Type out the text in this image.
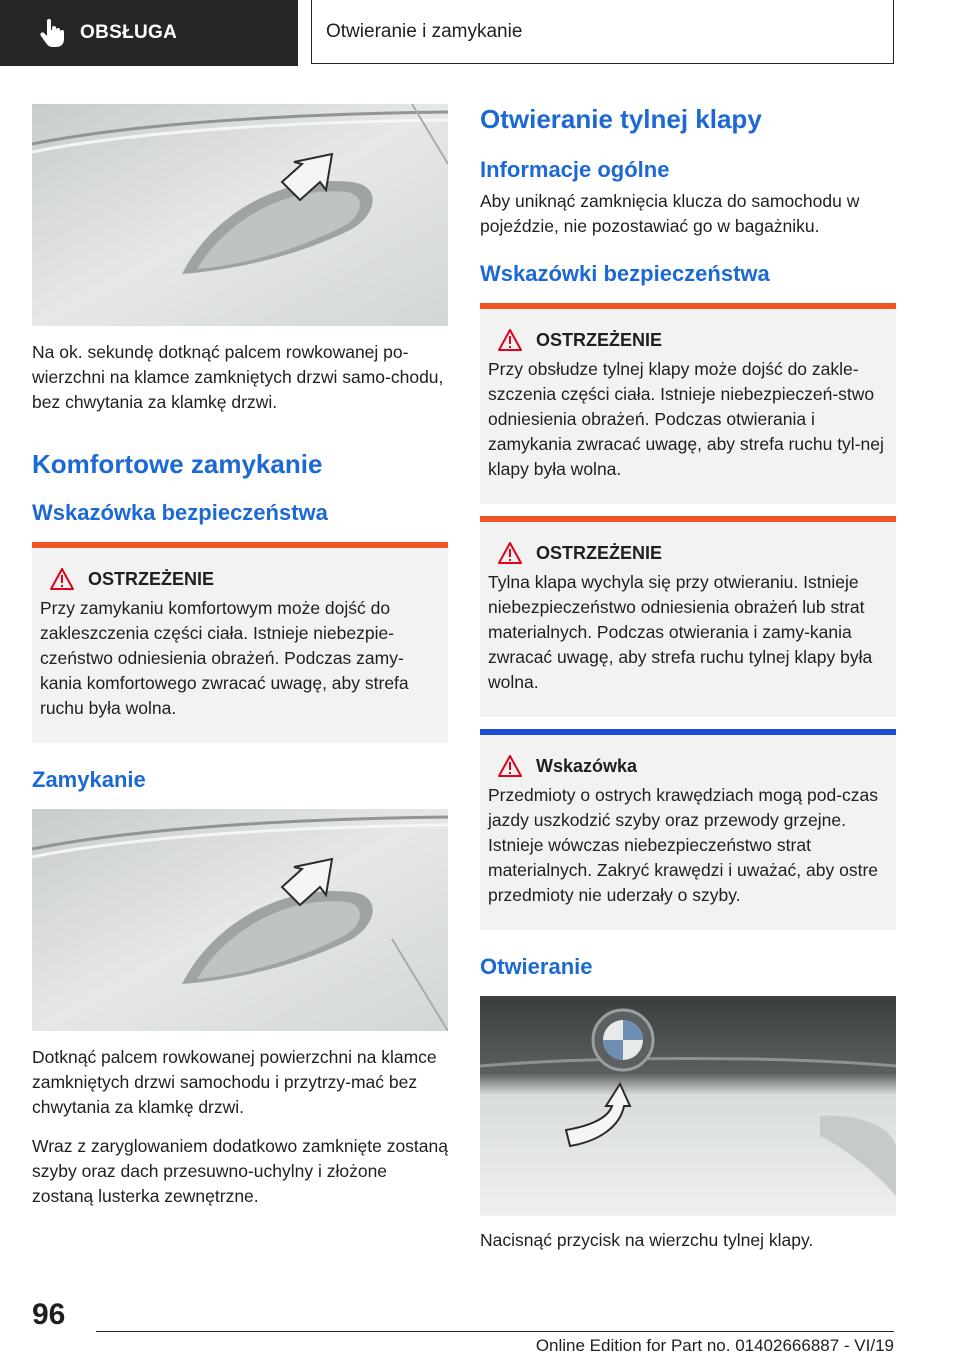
OBSŁUGA	Otwieranie i zamykanie

Na ok. sekundę dotknąć palcem rowkowanej po-wierzchni na klamce zamkniętych drzwi samo-chodu, bez chwytania za klamkę drzwi.

Komfortowe zamykanie
Wskazówka bezpieczeństwa
OSTRZEŻENIE

Przy zamykaniu komfortowym może dojść do zakleszczenia części ciała. Istnieje niebezpie-czeństwo odniesienia obrażeń. Podczas zamy-kania komfortowego zwracać uwagę, aby strefa ruchu była wolna.

Zamykanie

Dotknąć palcem rowkowanej powierzchni na klamce zamkniętych drzwi samochodu i przytrzy-mać bez chwytania za klamkę drzwi.

Wraz z zaryglowaniem dodatkowo zamknięte zostaną szyby oraz dach przesuwno-uchylny i złożone zostaną lusterka zewnętrzne.

Otwieranie tylnej klapy
Informacje ogólne

Aby uniknąć zamknięcia klucza do samochodu w pojeździe, nie pozostawiać go w bagażniku.

Wskazówki bezpieczeństwa
OSTRZEŻENIE

Przy obsłudze tylnej klapy może dojść do zakle-szczenia części ciała. Istnieje niebezpieczeń-stwo odniesienia obrażeń. Podczas otwierania i zamykania zwracać uwagę, aby strefa ruchu tyl-nej klapy była wolna.

OSTRZEŻENIE

Tylna klapa wychyla się przy otwieraniu. Istnieje niebezpieczeństwo odniesienia obrażeń lub strat materialnych. Podczas otwierania i zamy-kania zwracać uwagę, aby strefa ruchu tylnej klapy była wolna.

Wskazówka

Przedmioty o ostrych krawędziach mogą pod-czas jazdy uszkodzić szyby oraz przewody grzejne. Istnieje wówczas niebezpieczeństwo strat materialnych. Zakryć krawędzi i uważać, aby ostre przedmioty nie uderzały o szyby.

Otwieranie

Nacisnąć przycisk na wierzchu tylnej klapy.

96
Online Edition for Part no. 01402666887 - VI/19
